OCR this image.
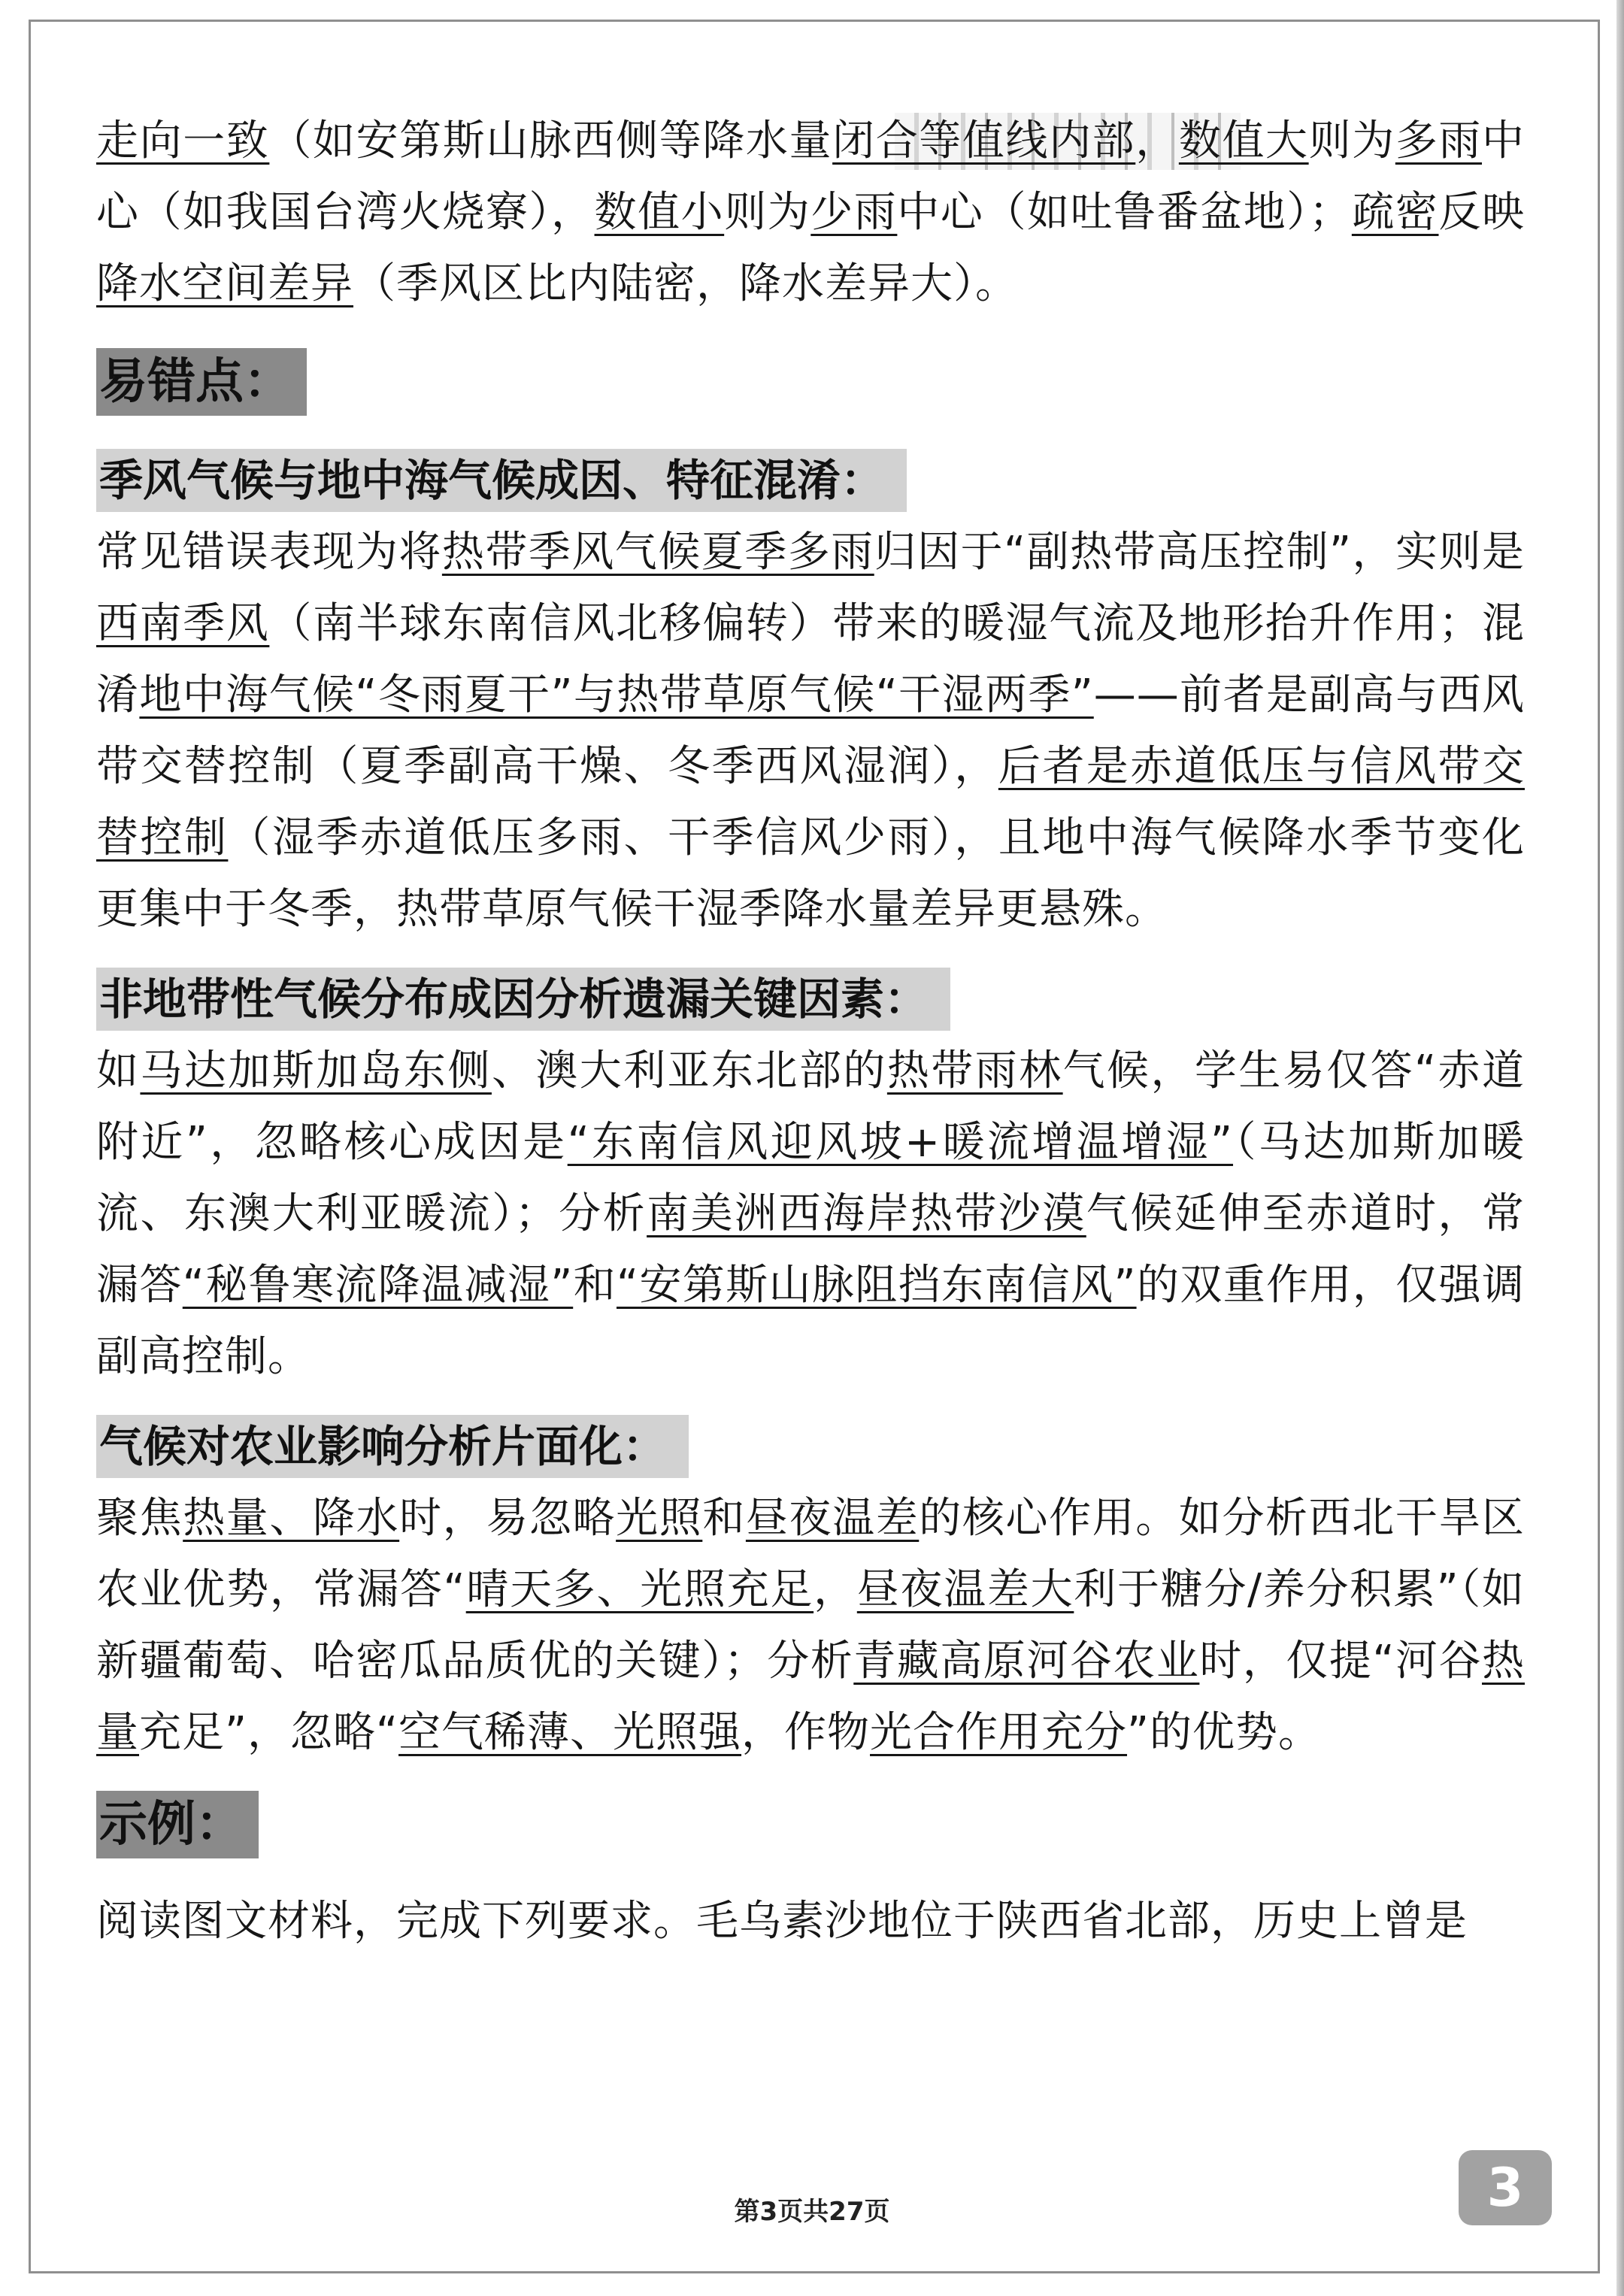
走向一致（如安第斯山脉西侧等降水量闭合等值线内部，数值大则为多雨中心（如我国台湾火烧寮），数值小则为少雨中心（如吐鲁番盆地）；疏密反映降水空间差异（季风区比内陆密，降水差异大）。

易错点：
季风气候与地中海气候成因、特征混淆：

常见错误表现为将热带季风气候夏季多雨归因于“副热带高压控制”，实则是西南季风（南半球东南信风北移偏转）带来的暖湿气流及地形抬升作用；混淆地中海气候“冬雨夏干”与热带草原气候“干湿两季”——前者是副高与西风带交替控制（夏季副高干燥、冬季西风湿润），后者是赤道低压与信风带交替控制（湿季赤道低压多雨、干季信风少雨），且地中海气候降水季节变化更集中于冬季，热带草原气候干湿季降水量差异更悬殊。

非地带性气候分布成因分析遗漏关键因素：

如马达加斯加岛东侧、澳大利亚东北部的热带雨林气候，学生易仅答“赤道附近”，忽略核心成因是“东南信风迎风坡+暖流增温增湿”（马达加斯加暖流、东澳大利亚暖流）；分析南美洲西海岸热带沙漠气候延伸至赤道时，常漏答“秘鲁寒流降温减湿”和“安第斯山脉阻挡东南信风”的双重作用，仅强调副高控制。

气候对农业影响分析片面化：

聚焦热量、降水时，易忽略光照和昼夜温差的核心作用。如分析西北干旱区农业优势，常漏答“晴天多、光照充足，昼夜温差大利于糖分/养分积累”（如新疆葡萄、哈密瓜品质优的关键）；分析青藏高原河谷农业时，仅提“河谷热量充足”，忽略“空气稀薄、光照强，作物光合作用充分”的优势。

示例：

阅读图文材料，完成下列要求。毛乌素沙地位于陕西省北部，历史上曾是

第3页共27页	3
